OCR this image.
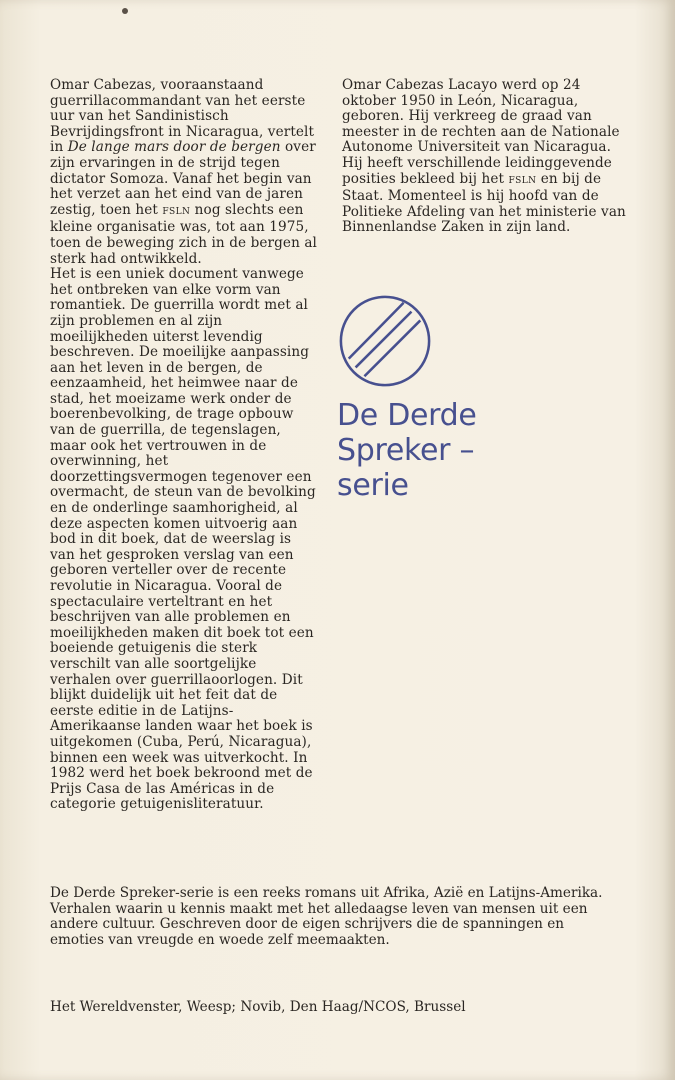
Omar Cabezas, vooraanstaand guerrillacommandant van het eerste uur van het Sandinistisch Bevrijdingsfront in Nicaragua, vertelt in De lange mars door de bergen over zijn ervaringen in de strijd tegen dictator Somoza. Vanaf het begin van het verzet aan het eind van de jaren zestig, toen het FSLN nog slechts een kleine organisatie was, tot aan 1975, toen de beweging zich in de bergen al sterk had ontwikkeld.

Het is een uniek document vanwege het ontbreken van elke vorm van romantiek. De guerrilla wordt met al zijn problemen en al zijn moeilijkheden uiterst levendig beschreven. De moeilijke aanpassing aan het leven in de bergen, de eenzaamheid, het heimwee naar de stad, het moeizame werk onder de boerenbevolking, de trage opbouw van de guerrilla, de tegenslagen, maar ook het vertrouwen in de overwinning, het doorzettingsvermogen tegenover een overmacht, de steun van de bevolking en de onderlinge saamhorigheid, al deze aspecten komen uitvoerig aan bod in dit boek, dat de weerslag is van het gesproken verslag van een geboren verteller over de recente revolutie in Nicaragua. Vooral de spectaculaire verteltrant en het beschrijven van alle problemen en moeilijkheden maken dit boek tot een boeiende getuigenis die sterk verschilt van alle soortgelijke verhalen over guerrillaoorlogen. Dit blijkt duidelijk uit het feit dat de eerste editie in de Latijns-Amerikaanse landen waar het boek is uitgekomen (Cuba, Perú, Nicaragua), binnen een week was uitverkocht. In 1982 werd het boek bekroond met de Prijs Casa de las Américas in de categorie getuigenisliteratuur.

Omar Cabezas Lacayo werd op 24 oktober 1950 in León, Nicaragua, geboren. Hij verkreeg de graad van meester in de rechten aan de Nationale Autonome Universiteit van Nicaragua. Hij heeft verschillende leidinggevende posities bekleed bij het FSLN en bij de Staat. Momenteel is hij hoofd van de Politieke Afdeling van het ministerie van Binnenlandse Zaken in zijn land.

De Derde
Spreker –
serie

De Derde Spreker-serie is een reeks romans uit Afrika, Azië en Latijns-Amerika. Verhalen waarin u kennis maakt met het alledaagse leven van mensen uit een andere cultuur. Geschreven door de eigen schrijvers die de spanningen en emoties van vreugde en woede zelf meemaakten.

Het Wereldvenster, Weesp; Novib, Den Haag/NCOS, Brussel
